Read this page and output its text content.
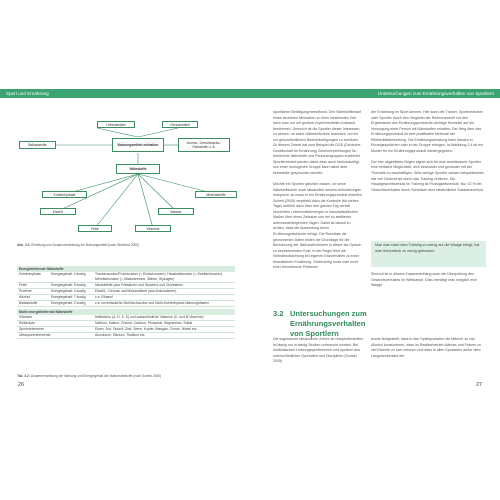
Sport und Ernährung
Lebensmittel	Genussmittel
Ballaststoffe	Nahrungsmittel enthalten	Aroma-, Geschmacks-, Farbstoffe u. Ä.
Nährstoffe
Kohlenhydrate	Mineralstoffe
Eiweiß	Wasser
Fette	Vitamine
Abb. 3.3: Einteilung und Zusammensetzung der Nahrungsmittel (nach Wehrend 2005)
Energieliefernde Nährstoffe
Kohlenhydrate	Energiegehalt: 4 kcal/g	Traubenzucker/Fruchtzucker (= Einfachzucker), Haushaltszucker (= Zweifachzucker), Mehrfachzucker (= Malzodextrine, Stärke, Glykogen)
Fette	Energiegehalt: 9 kcal/g	Neutralfette (aus Fettsäuren und Glycerin) und Cholesterin
Proteine	Energiegehalt: 4 kcal/g	Eiweiß-, Genuss und Moleprotiene (aus Aminosäuren)
Alkohol	Energiegehalt: 7 kcal/g	z.a. Ethanol
Ballaststoffe	Energiegehalt: 2 kcal/g	z.a. unverdauliche Mehrfachzucker und Nicht-Kohlenhydrat-Nahrungsfasern
Nicht energieliefernde Nährstoffe
Vitamine	fettlösliche (A, D, E, K) und wasserlösliche Vitamine (C- und B-Vitamine)
Elektrolyte	Natrium, Kalium, Chlorid, Calcium, Phosphat, Magnesium, Sulfat
Spurenelemente	Eisen, Jod, Fluorid, Zink, Selen, Kupfer, Mangan, Chrom, Nickel etc.
Ultraspurenelemente	Aluminium, Silicium, Thallium etc.
Tab. 3.2: Zusammensetzung der Nahrung und Energiegehalt der Makronährstoffe (nach Scheid 2005)
26
Untersuchungen zum Ernährungsverhalten von Sportlern
27

sportlichen Betätigung beeinflusst. Den Nährstoffbedarf eines einzelnen Menschen zu einer bestimmten Zeit kann man nur mit großem experimentellen Aufwand bestimmen. Dennoch ist die Sportler dieser Interessen zu wissen, ob seine Nährstoffzufuhr ausreicht, um ihn vor gesundheitlichen Beeinträchtigungen zu schützen. Zu diesem Zweck hat zum Beispiel die DGE (Deutsche Gesellschaft für Ernährung) Zufuhrempfehlungen für bestimmte Nährstoffe und Personengruppen erarbeitet. Sportlerbedarf werden dabei dese auch berücksichtigt, von einer homogenen Gruppe kann dabei aber keinesfalls gesprochen werden.

Möchte ein Sportler gänzlich wissen, ob seine Nährstoffzufuhr auch tatsächlich seinem Anforderungen entspricht, so muss er ein Ernährungsprotokoll erstellen. Scheid (2005) empfiehlt dazu die Kontrolle (für sieben Tage) aufführt dazu über den ganzen Tag verteilt verzehrten Lebensmittelmengen in haushaltsüblichen Maßen über einen Zeitraum von bei so stelltieren, aufeinanderfolgenden Tagen. Dabei ist darauf zu achten, dass die Auswertung durch Ernährungsfachleute erfolgt. Die Resultate die gewonnenen Daten bilden die Grundlage für die Berechnung der Nährstoffzufuhren in dieser als Optisch zu bezeichnenden Kost. In der Regel führt die Selbstbeobachtung bei eigenen Essverhalten zu einer bewussteren Ernährung. Gleichzeitig muss man nicht einer theoretische Probleme

der Ernährung im Sport kennen. Hier kann der Trainer, Sportmediziner oder Sportler durch den Vergleich der Referenzwerte mit den Ergebnissen des Ernährungsprotokolls wichtige Hinweise auf die Versorgung einer Person mit Nährstoffen erhalten. Der Weg über das Ernährungsprotokoll ist eine praktikable Methode der Effektivitätsbewertung. Die Ernährungsberatung kann danach in Einzelgesprächen oder in der Gruppe erfolgen. In Abbildung 3.4 ist ein Muster für ein Ernährungsprotokoll wiedergegeben.

Der hier abgebildete Bogen eignet sich für eine ambitionierte Sportler eine einfache Möglichkeit, sich bewusster und gesünder mit der Thematik zu beschäftigen. Sehr wenige Sportler wissen beispielsweise, wie viel Gewicht sie durch das Training verlieren. Der Hauptgewichtsverlust im Training ist Flüssigkeitsverlust. Nur 10 % bei Gewichtsverlustes durch Schwitzen sind tatsächlicher Substanzverlust.

Man man nach dem Training zu wenig auf die Waage bringt, hat man theoretisch zu wenig getrunken.
Sinnvoll ist in diesem Zusammenhang auch die Überprüfung des Gewichtsverlustes im Wettkampf. Dazu benötigt man lediglich eine Waage.
3.2 Untersuchungen zum Ernährungsverhalten von Sportlern
Die sogenannte tatsächliche Zufuhr an Hauptnährstoffen ist lassig nur in wenig Studien untersucht worden. Bei holländischen Leistungssportlerinnen und sportern aus unterschiedlicher Sportarten und Disziplinen (Scheid 2005)
wurde festgestellt, dass in den Spielsportarten die Männer zu viel Alkohol konsumieren, dass im Radfahrbetrieb Männer und Frauen zu viel Eiweiße zu sich nehmen und dass in allen Sportarten außer dem Langstreckenlauf der
